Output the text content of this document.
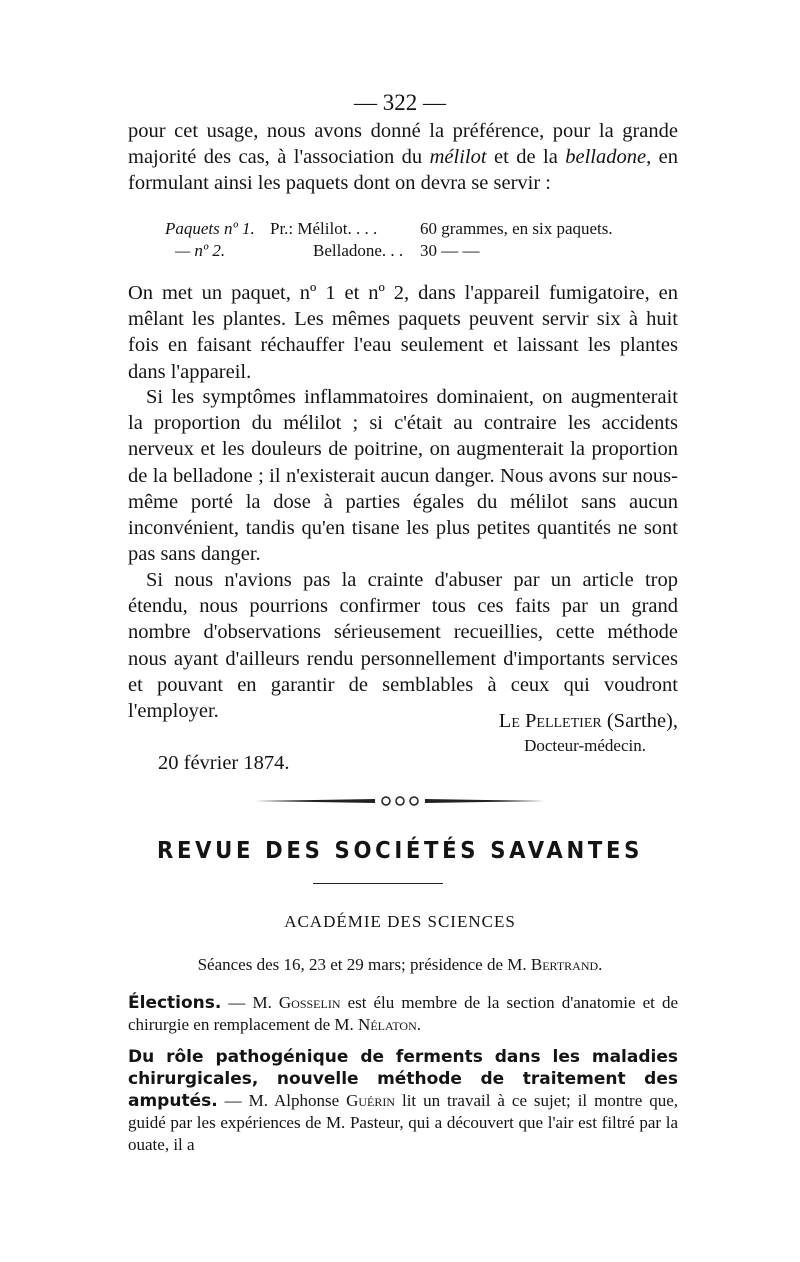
— 322 —

pour cet usage, nous avons donné la préférence, pour la grande majorité des cas, à l'association du mélilot et de la belladone, en formulant ainsi les paquets dont on devra se servir :

Paquets nº 1. Pr.: Mélilot. . . .	60 grammes, en six paquets.
— nº 2.	Belladone. . . 30 — —

On met un paquet, nº 1 et nº 2, dans l'appareil fumigatoire, en mêlant les plantes. Les mêmes paquets peuvent servir six à huit fois en faisant réchauffer l'eau seulement et laissant les plantes dans l'appareil.

Si les symptômes inflammatoires dominaient, on augmenterait la proportion du mélilot ; si c'était au contraire les accidents nerveux et les douleurs de poitrine, on augmenterait la proportion de la belladone ; il n'existerait aucun danger. Nous avons sur nous-même porté la dose à parties égales du mélilot sans aucun inconvénient, tandis qu'en tisane les plus petites quantités ne sont pas sans danger.

Si nous n'avions pas la crainte d'abuser par un article trop étendu, nous pourrions confirmer tous ces faits par un grand nombre d'observations sérieusement recueillies, cette méthode nous ayant d'ailleurs rendu personnellement d'importants services et pouvant en garantir de semblables à ceux qui voudront l'employer.	Le Pelletier (Sarthe),
Docteur-médecin.
20 février 1874.
REVUE DES SOCIÉTÉS SAVANTES
ACADÉMIE DES SCIENCES
Séances des 16, 23 et 29 mars; présidence de M. Bertrand.

Élections. — M. Gosselin est élu membre de la section d'anatomie et de chirurgie en remplacement de M. Nélaton.

Du rôle pathogénique de ferments dans les maladies chirurgicales, nouvelle méthode de traitement des amputés. — M. Alphonse Guérin lit un travail à ce sujet; il montre que, guidé par les expériences de M. Pasteur, qui a découvert que l'air est filtré par la ouate, il a
